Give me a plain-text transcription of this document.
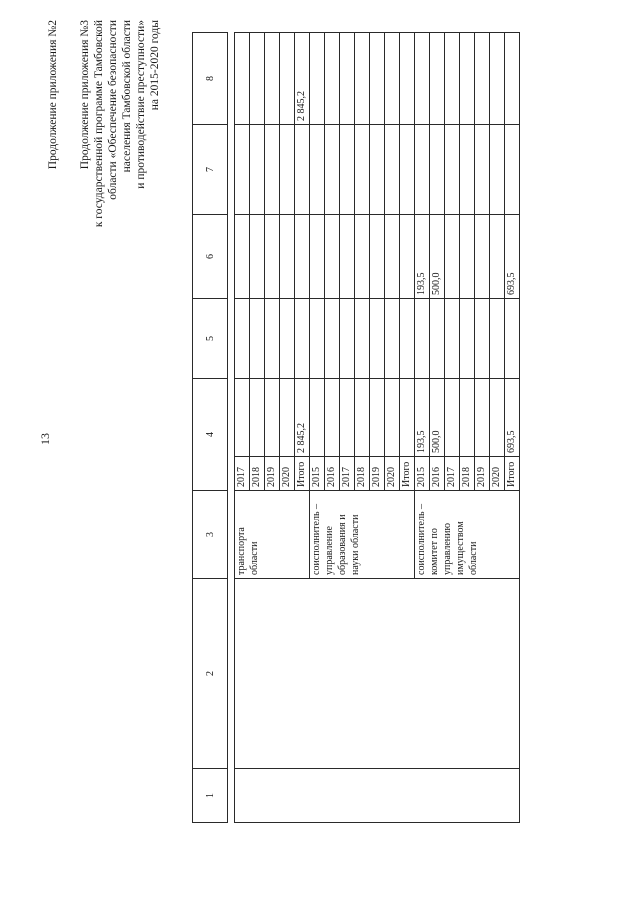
13
Продолжение приложения №2 Продолжение приложения №3 к государственной программе Тамбовской области «Обеспечение безопасности населения Тамбовской области и противодействие преступности» на 2015-2020 годы
1	2	3	4		5	6	7	8

		транспорта области	2017					
			2018					
			2019					
			2020					
			Итого	2 845,2				2 845,2

		соисполнитель – управление образования и науки области	2015					
			2016					
			2017					
			2018					
			2019					
			2020					
			Итого					

		соисполнитель – комитет по управлению имуществом области	2015	193,5		193,5		
			2016	500,0		500,0		
			2017					
			2018					
			2019					
			2020					
			Итого	693,5		693,5		
